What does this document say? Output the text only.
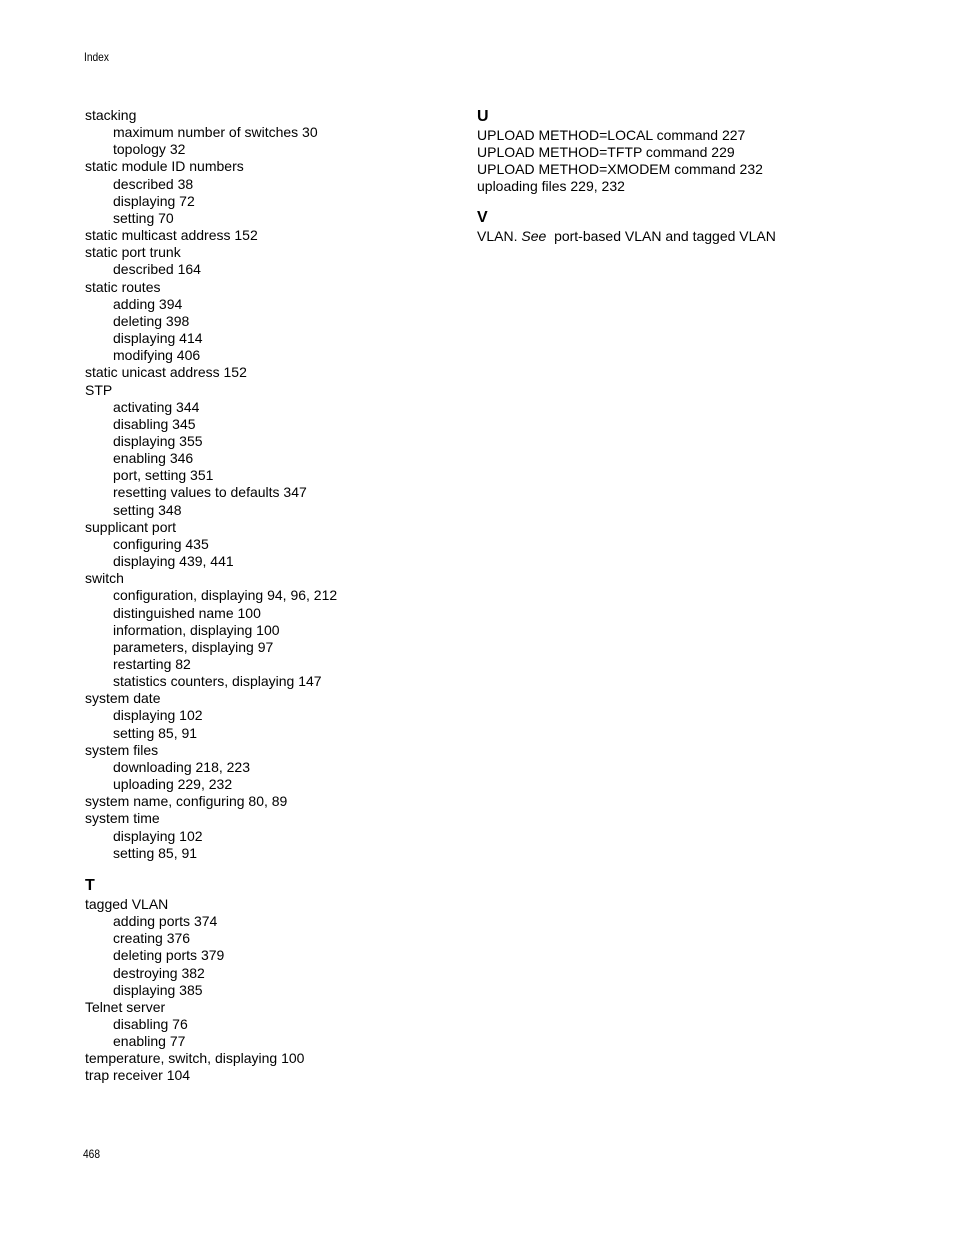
Index
stacking
maximum number of switches 30
topology 32
static module ID numbers
described 38
displaying 72
setting 70
static multicast address 152
static port trunk
described 164
static routes
adding 394
deleting 398
displaying 414
modifying 406
static unicast address 152
STP
activating 344
disabling 345
displaying 355
enabling 346
port, setting 351
resetting values to defaults 347
setting 348
supplicant port
configuring 435
displaying 439, 441
switch
configuration, displaying 94, 96, 212
distinguished name 100
information, displaying 100
parameters, displaying 97
restarting 82
statistics counters, displaying 147
system date
displaying 102
setting 85, 91
system files
downloading 218, 223
uploading 229, 232
system name, configuring 80, 89
system time
displaying 102
setting 85, 91
T
tagged VLAN
adding ports 374
creating 376
deleting ports 379
destroying 382
displaying 385
Telnet server
disabling 76
enabling 77
temperature, switch, displaying 100
trap receiver 104
U
UPLOAD METHOD=LOCAL command 227
UPLOAD METHOD=TFTP command 229
UPLOAD METHOD=XMODEM command 232
uploading files 229, 232
V
VLAN. See port-based VLAN and tagged VLAN
468
